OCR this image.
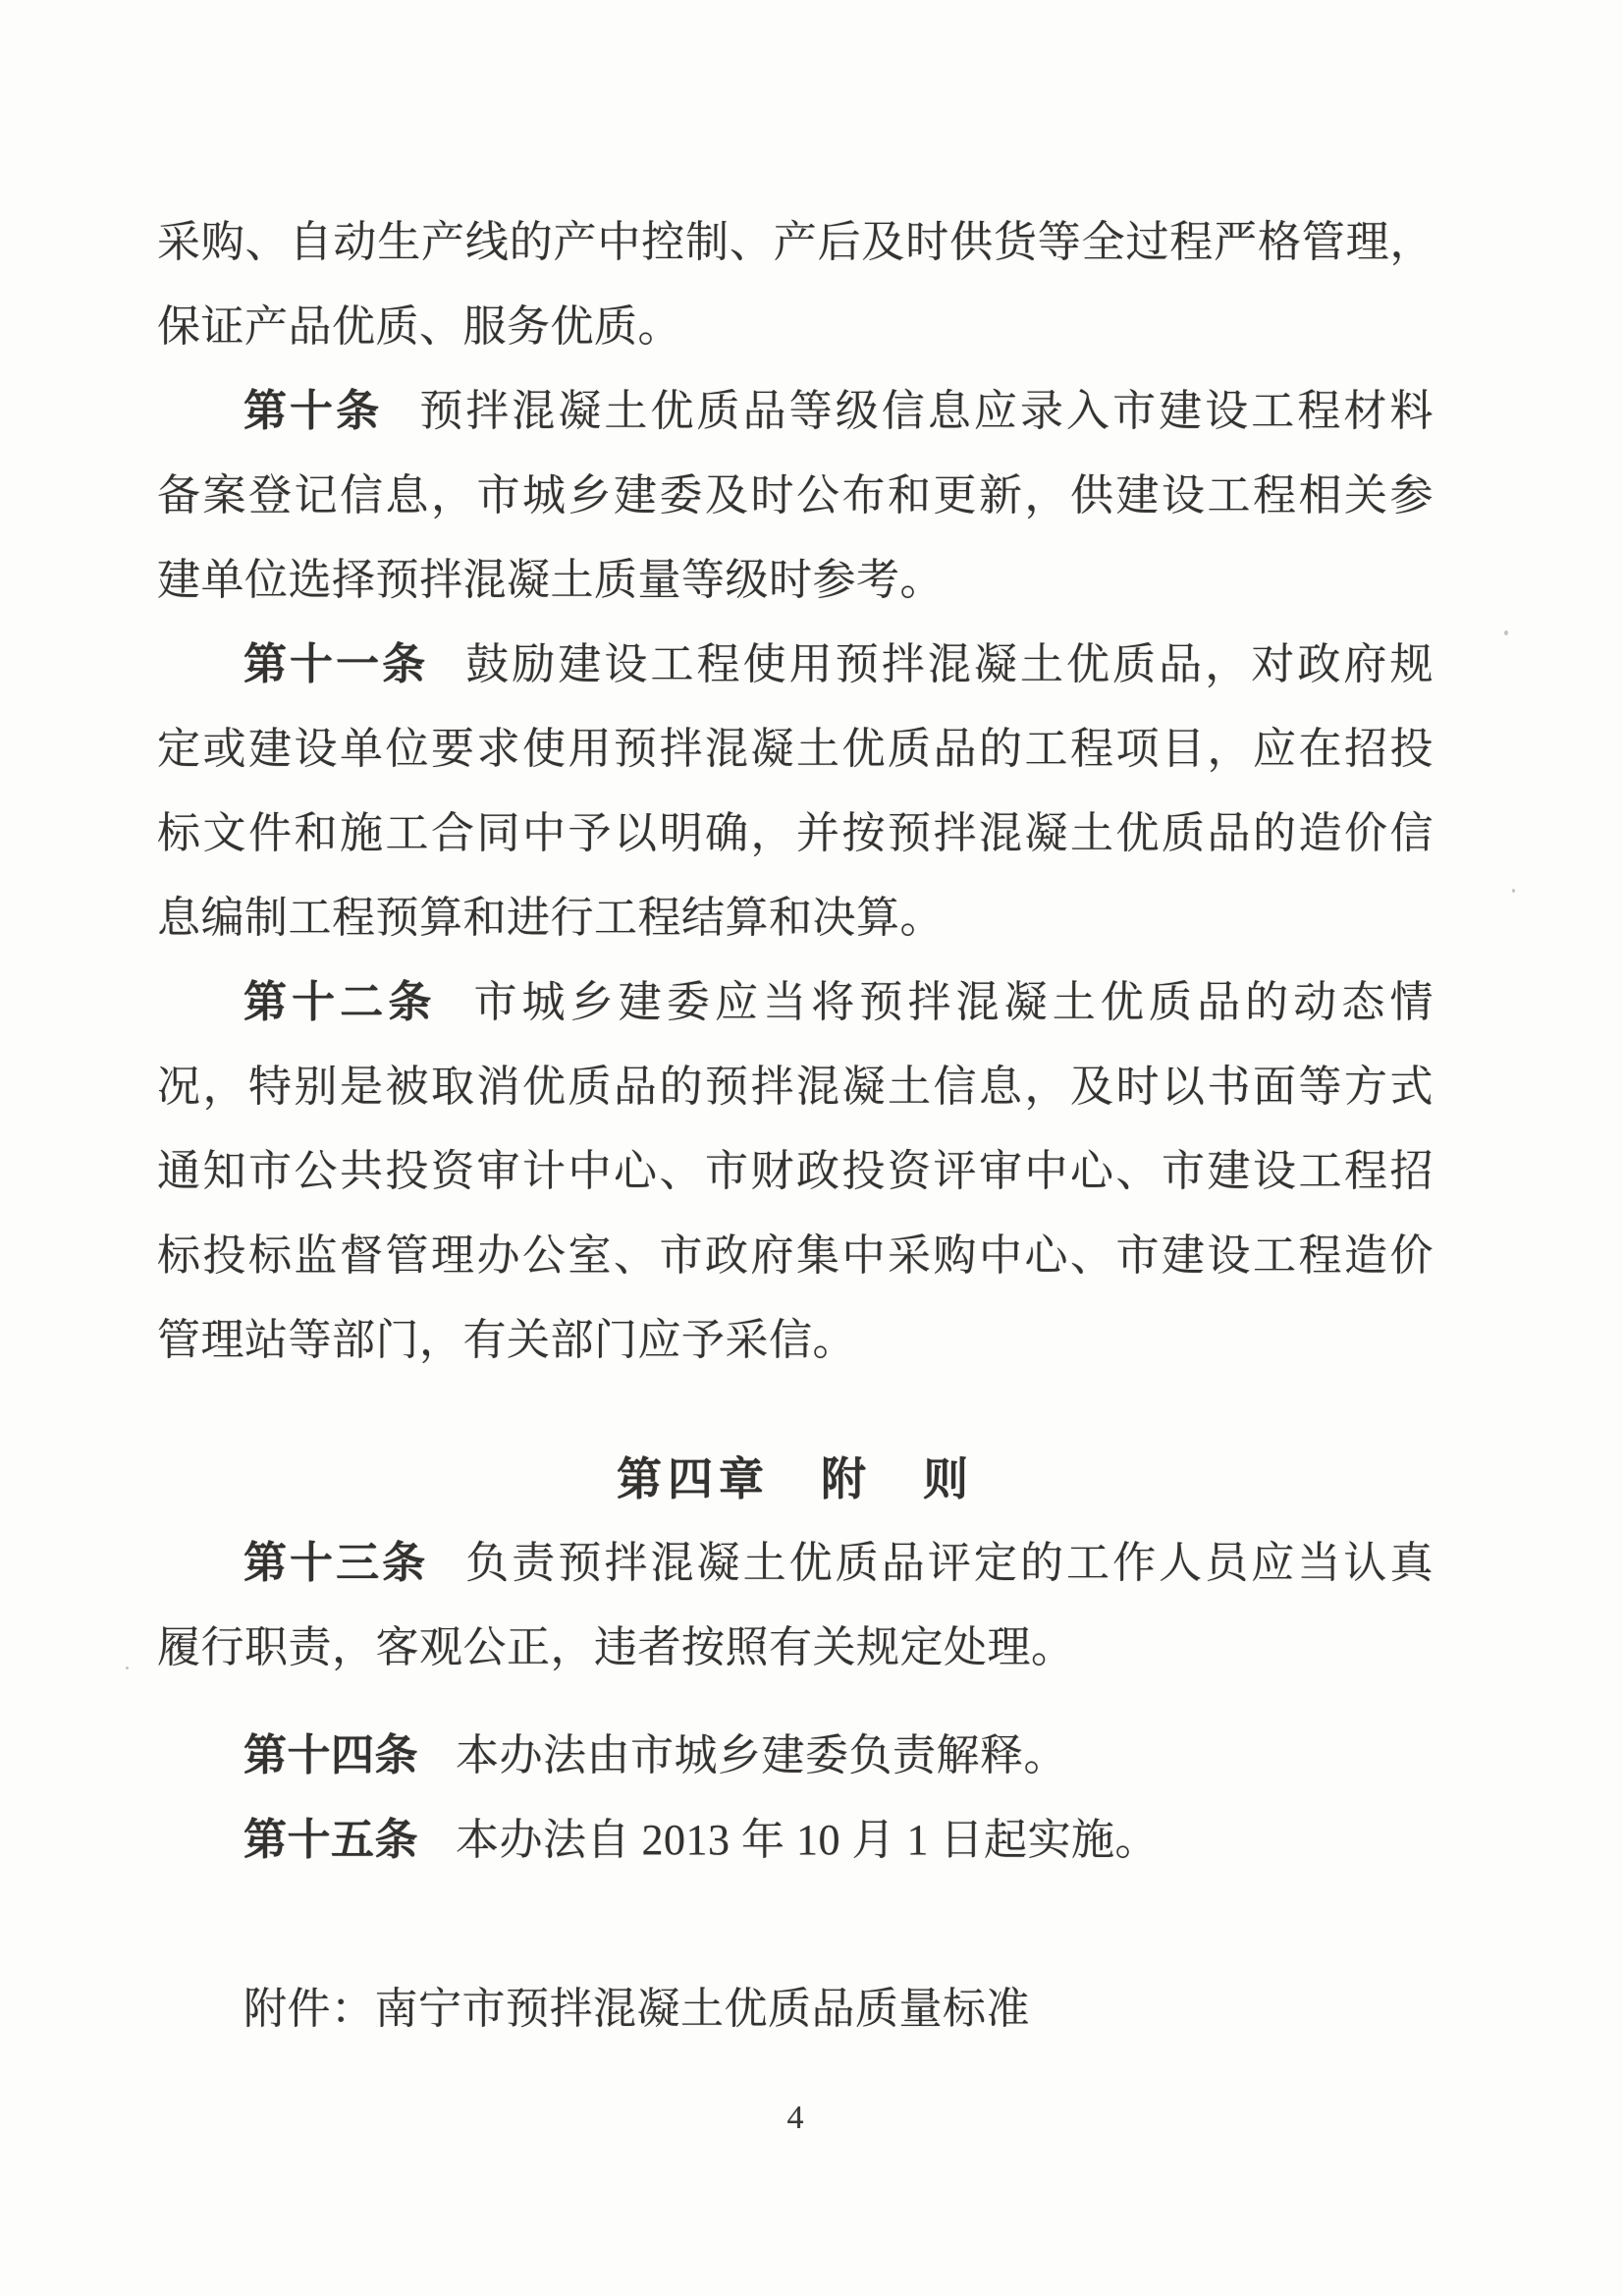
采购、自动生产线的产中控制、产后及时供货等全过程严格管理，
保证产品优质、服务优质。

第十条 预拌混凝土优质品等级信息应录入市建设工程材料
备案登记信息，市城乡建委及时公布和更新，供建设工程相关参
建单位选择预拌混凝土质量等级时参考。

第十一条 鼓励建设工程使用预拌混凝土优质品，对政府规
定或建设单位要求使用预拌混凝土优质品的工程项目，应在招投
标文件和施工合同中予以明确，并按预拌混凝土优质品的造价信
息编制工程预算和进行工程结算和决算。

第十二条 市城乡建委应当将预拌混凝土优质品的动态情
况，特别是被取消优质品的预拌混凝土信息，及时以书面等方式
通知市公共投资审计中心、市财政投资评审中心、市建设工程招
标投标监督管理办公室、市政府集中采购中心、市建设工程造价
管理站等部门，有关部门应予采信。

第四章　附　则

第十三条 负责预拌混凝土优质品评定的工作人员应当认真
履行职责，客观公正，违者按照有关规定处理。

第十四条 本办法由市城乡建委负责解释。

第十五条 本办法自 2013 年 10 月 1 日起实施。

附件：南宁市预拌混凝土优质品质量标准

4
